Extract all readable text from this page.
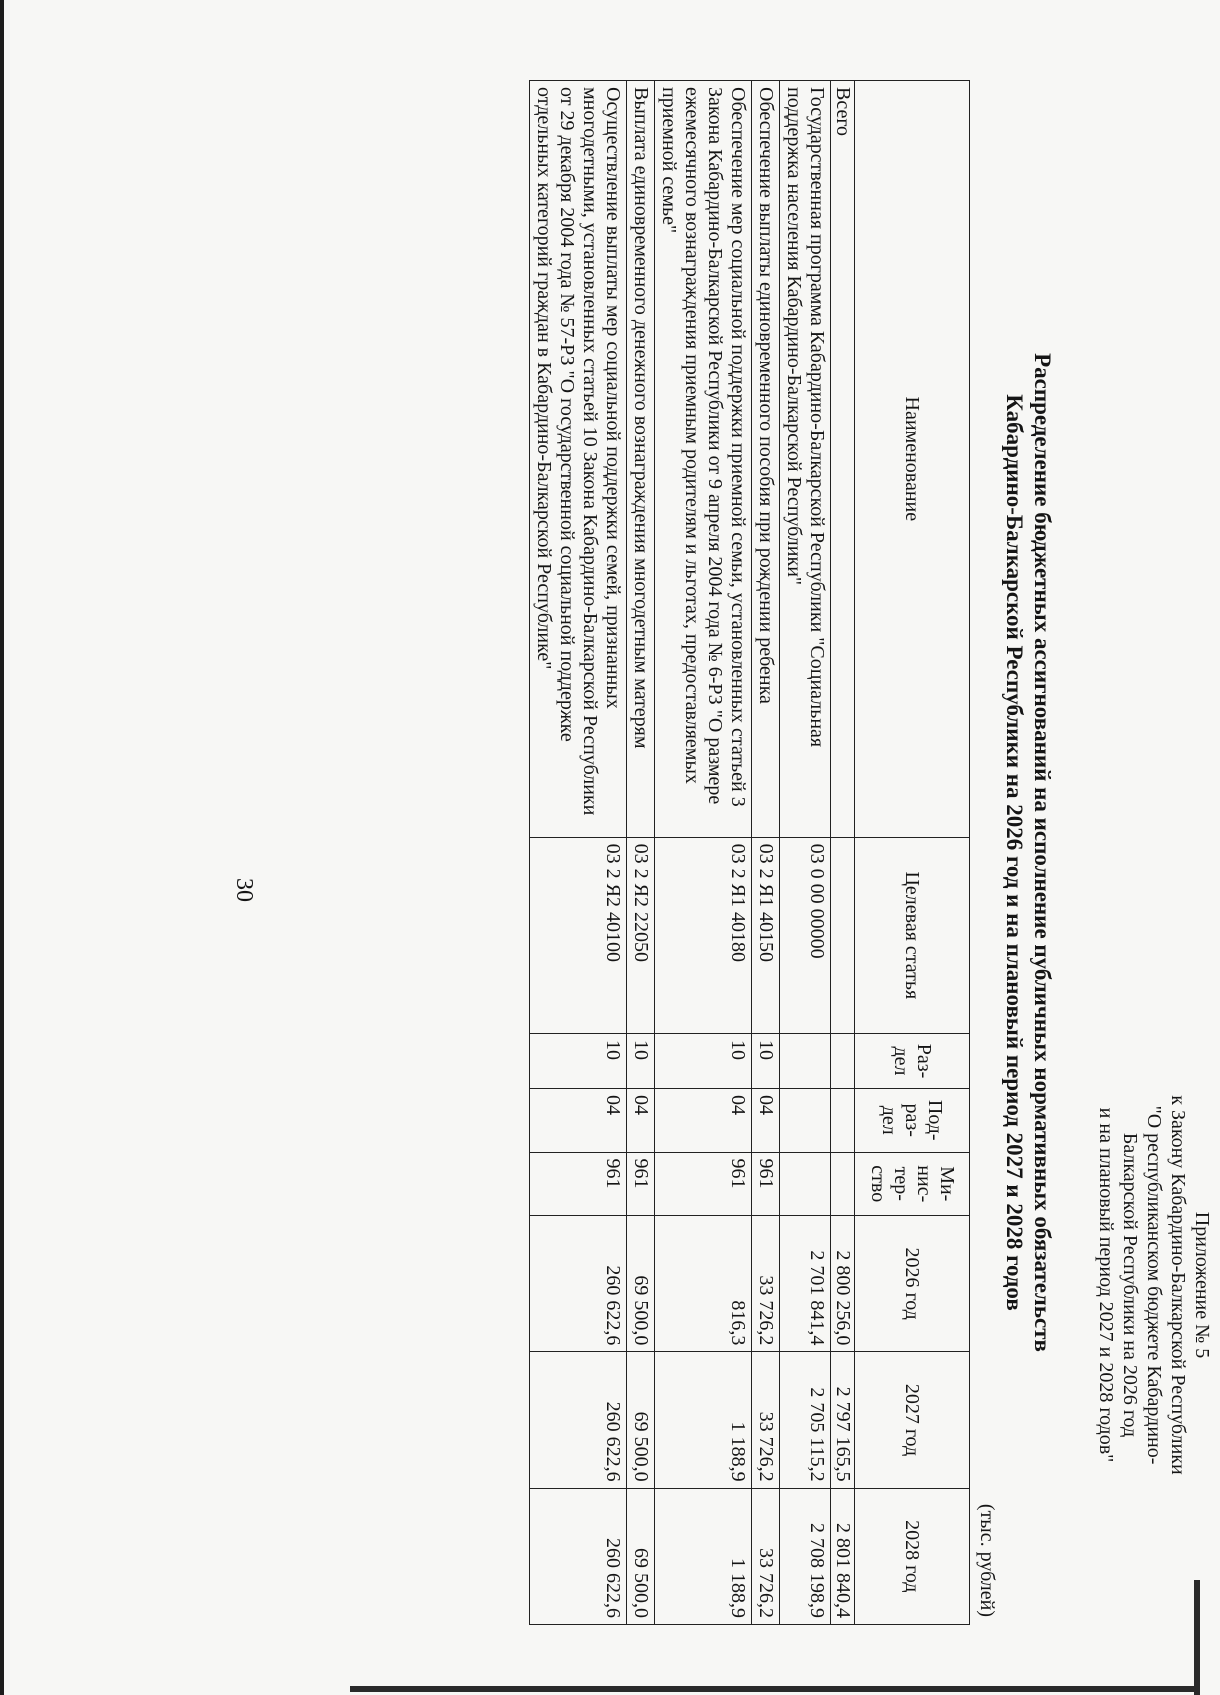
30
Приложение № 5
к Закону Кабардино-Балкарской Республики
"О республиканском бюджете Кабардино-
Балкарской Республики на 2026 год
и на плановый период 2027 и 2028 годов"
Распределение бюджетных ассигнований на исполнение публичных нормативных обязательств
Кабардино-Балкарской Республики на 2026 год и на плановый период 2027 и 2028 годов
(тыс. рублей)
Наименование	Целевая статья	Раз-дел	Под-раз-дел	Ми-нис-тер-ство	2026 год	2027 год	2028 год
Всего					2 800 256,0	2 797 165,5	2 801 840,4
Государственная программа Кабардино-Балкарской Республики "Социальная поддержка населения Кабардино-Балкарской Республики"	03 0 00 00000				2 701 841,4	2 705 115,2	2 708 198,9
Обеспечение выплаты единовременного пособия при рождении ребенка	03 2 Я1 40150	10	04	961	33 726,2	33 726,2	33 726,2
Обеспечение мер социальной поддержки приемной семьи, установленных статьей 3 Закона Кабардино-Балкарской Республики от 9 апреля 2004 года № 6-РЗ "О размере ежемесячного вознаграждения приемным родителям и льготах, предоставляемых приемной семье"	03 2 Я1 40180	10	04	961	816,3	1 188,9	1 188,9
Выплата единовременного денежного вознаграждения многодетным матерям	03 2 Я2 22050	10	04	961	69 500,0	69 500,0	69 500,0
Осуществление выплаты мер социальной поддержки семей, признанных многодетными, установленных статьей 10 Закона Кабардино-Балкарской Республики от 29 декабря 2004 года № 57-РЗ "О государственной социальной поддержке отдельных категорий граждан в Кабардино-Балкарской Республике"	03 2 Я2 40100	10	04	961	260 622,6	260 622,6	260 622,6
